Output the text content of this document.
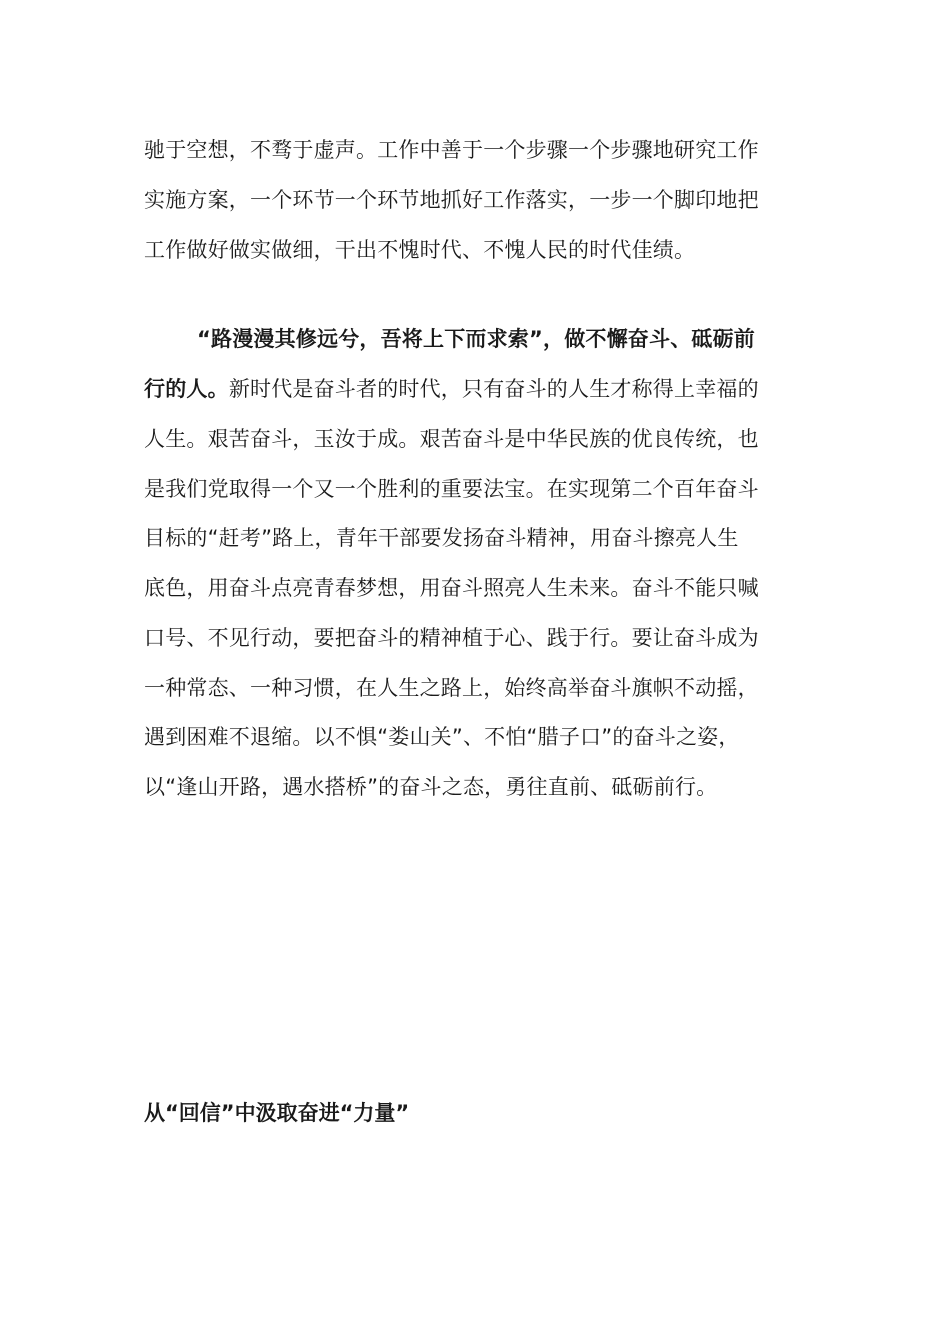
驰于空想，不骛于虚声。工作中善于一个步骤一个步骤地研究工作
实施方案，一个环节一个环节地抓好工作落实，一步一个脚印地把
工作做好做实做细，干出不愧时代、不愧人民的时代佳绩。
“路漫漫其修远兮，吾将上下而求索”，做不懈奋斗、砥砺前
行的人。新时代是奋斗者的时代，只有奋斗的人生才称得上幸福的
人生。艰苦奋斗，玉汝于成。艰苦奋斗是中华民族的优良传统，也
是我们党取得一个又一个胜利的重要法宝。在实现第二个百年奋斗
目标的“赶考”路上，青年干部要发扬奋斗精神，用奋斗擦亮人生
底色，用奋斗点亮青春梦想，用奋斗照亮人生未来。奋斗不能只喊
口号、不见行动，要把奋斗的精神植于心、践于行。要让奋斗成为
一种常态、一种习惯，在人生之路上，始终高举奋斗旗帜不动摇，
遇到困难不退缩。以不惧“娄山关”、不怕“腊子口”的奋斗之姿，
以“逢山开路，遇水搭桥”的奋斗之态，勇往直前、砥砺前行。
从“回信”中汲取奋进“力量”
